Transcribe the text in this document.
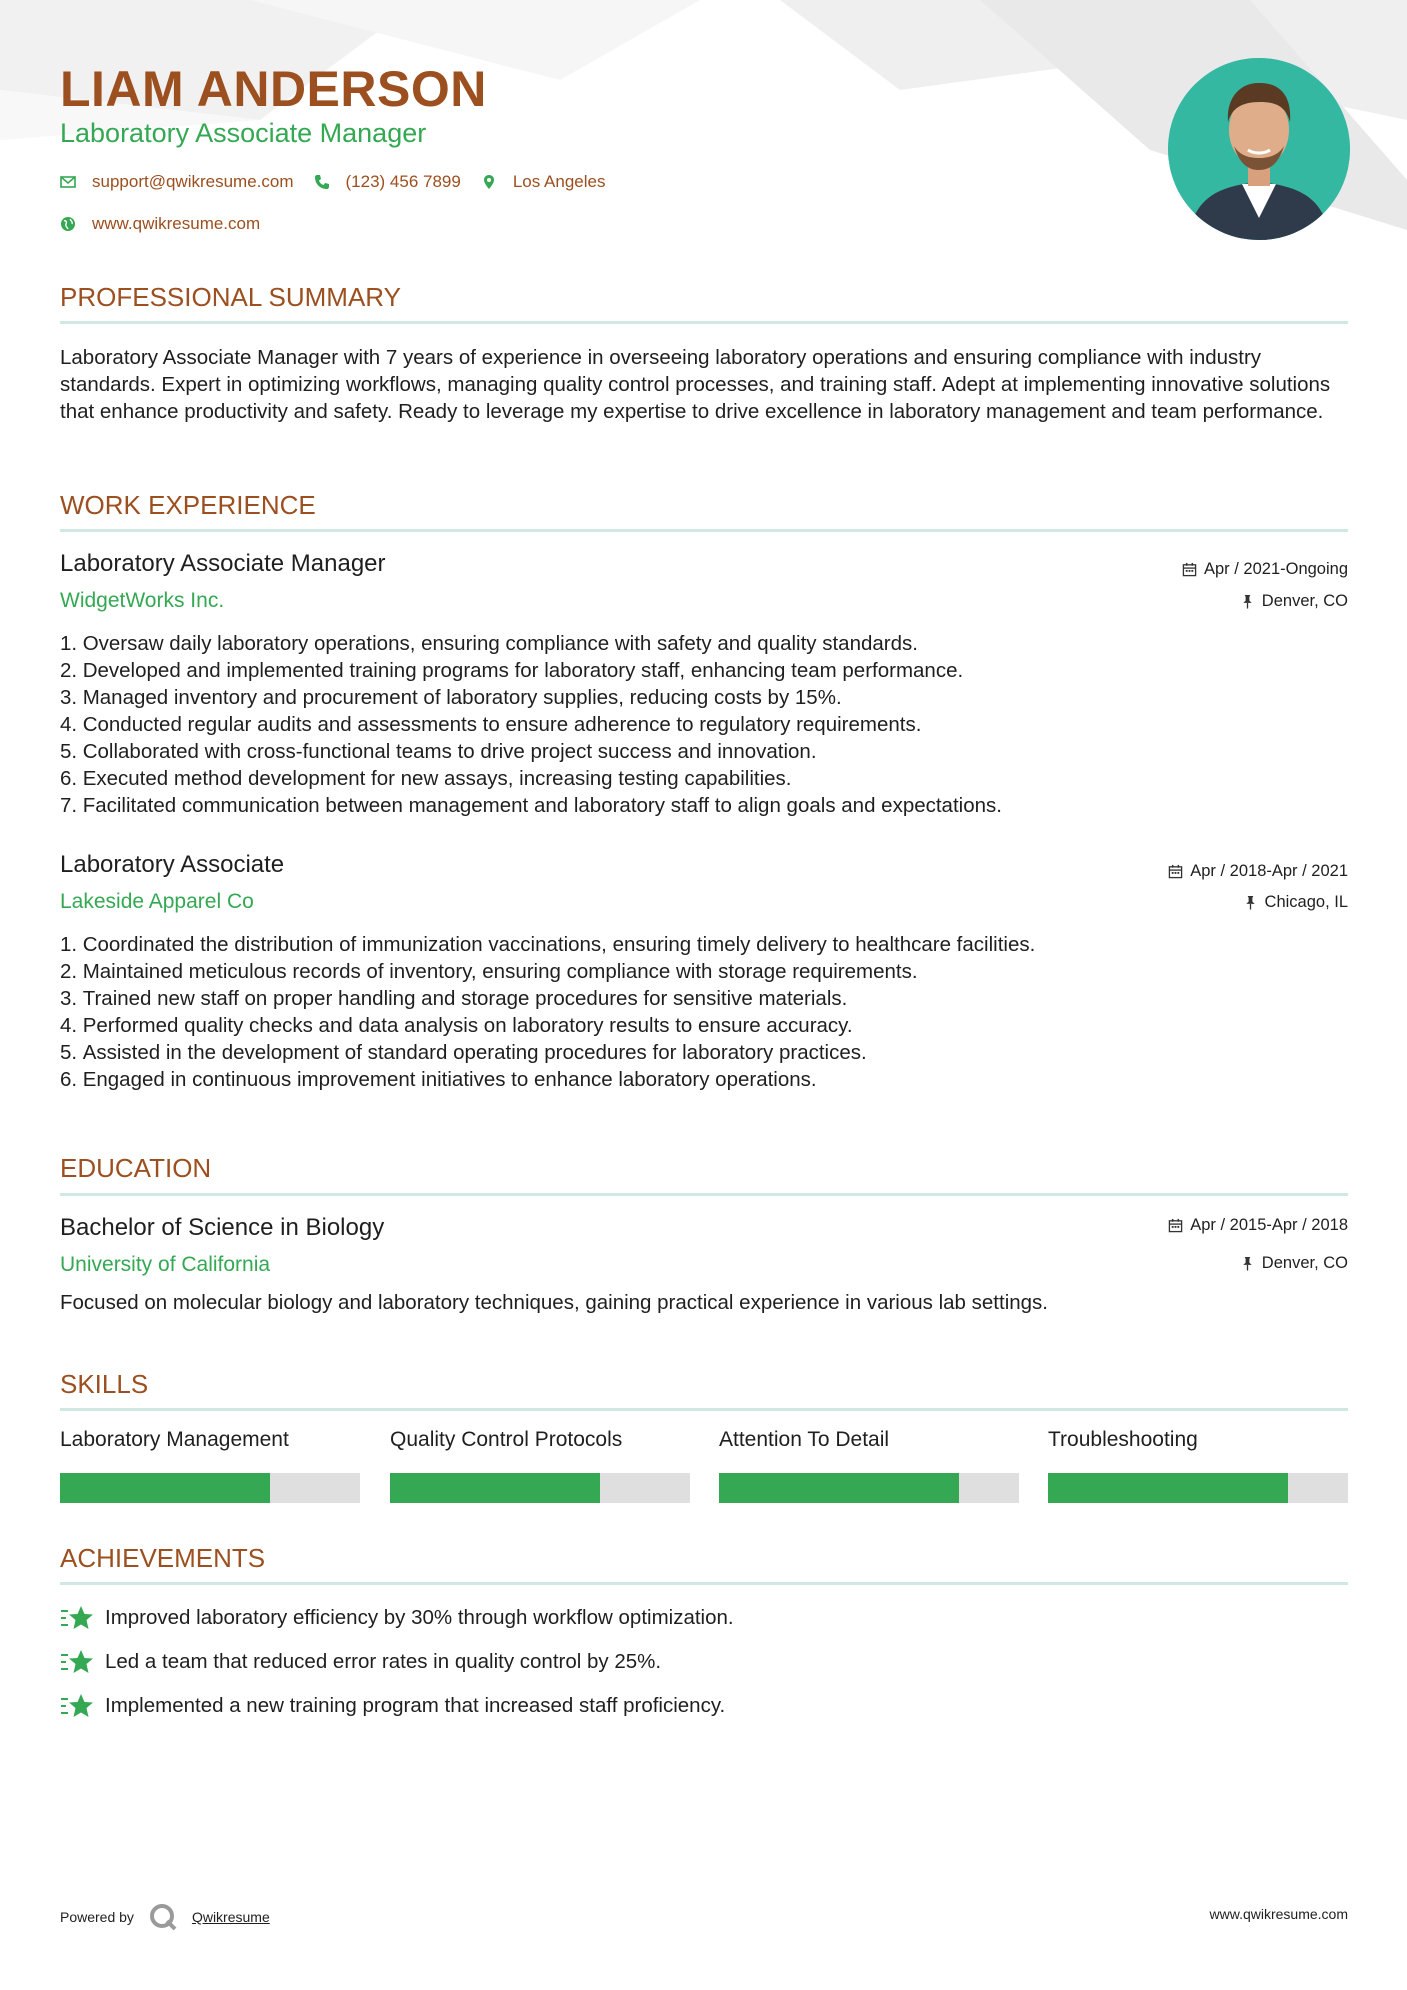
LIAM ANDERSON
Laboratory Associate Manager
support@qwikresume.com	(123) 456 7899	Los Angeles
www.qwikresume.com
PROFESSIONAL SUMMARY

Laboratory Associate Manager with 7 years of experience in overseeing laboratory operations and ensuring compliance with industry standards. Expert in optimizing workflows, managing quality control processes, and training staff. Adept at implementing innovative solutions that enhance productivity and safety. Ready to leverage my expertise to drive excellence in laboratory management and team performance.

WORK EXPERIENCE
Laboratory Associate Manager
WidgetWorks Inc.
Apr / 2021-Ongoing
Denver, CO
1.
Oversaw daily laboratory operations, ensuring compliance with safety and quality standards.
2.
Developed and implemented training programs for laboratory staff, enhancing team performance.
3.
Managed inventory and procurement of laboratory supplies, reducing costs by 15%.
4.
Conducted regular audits and assessments to ensure adherence to regulatory requirements.
5.
Collaborated with cross-functional teams to drive project success and innovation.
6.
Executed method development for new assays, increasing testing capabilities.
7.
Facilitated communication between management and laboratory staff to align goals and expectations.
Laboratory Associate
Lakeside Apparel Co
Apr / 2018-Apr / 2021
Chicago, IL
1.
Coordinated the distribution of immunization vaccinations, ensuring timely delivery to healthcare facilities.
2.
Maintained meticulous records of inventory, ensuring compliance with storage requirements.
3.
Trained new staff on proper handling and storage procedures for sensitive materials.
4.
Performed quality checks and data analysis on laboratory results to ensure accuracy.
5.
Assisted in the development of standard operating procedures for laboratory practices.
6.
Engaged in continuous improvement initiatives to enhance laboratory operations.
EDUCATION
Bachelor of Science in Biology
University of California
Apr / 2015-Apr / 2018
Denver, CO

Focused on molecular biology and laboratory techniques, gaining practical experience in various lab settings.

SKILLS
Laboratory Management	Quality Control Protocols	Attention To Detail	Troubleshooting
ACHIEVEMENTS
Improved laboratory efficiency by 30% through workflow optimization.
Led a team that reduced error rates in quality control by 25%.
Implemented a new training program that increased staff proficiency.
Powered by	Qwikresume	www.qwikresume.com
